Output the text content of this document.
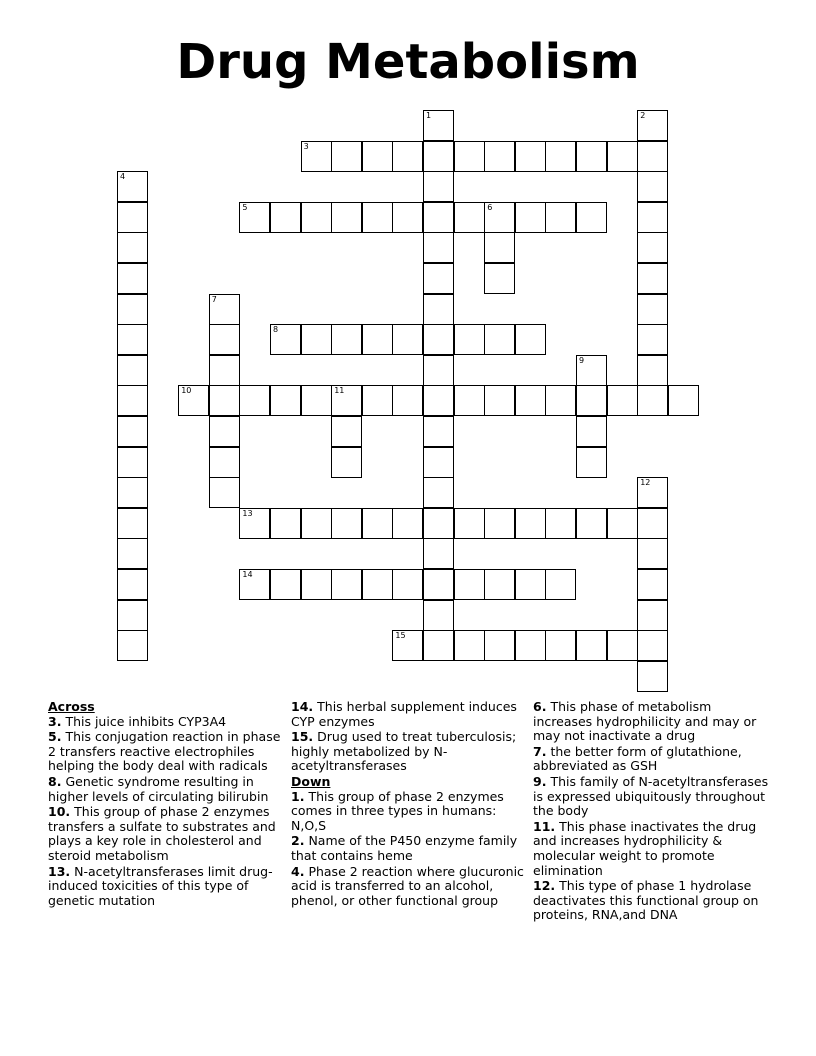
Drug Metabolism
3
5	6
8
10	11
13
14
15
1	2
4
7
9
12

Across

3. This juice inhibits CYP3A4
5. This conjugation reaction in phase 2 transfers reactive electrophiles helping the body deal with radicals
8. Genetic syndrome resulting in higher levels of circulating bilirubin
10. This group of phase 2 enzymes transfers a sulfate to substrates and plays a key role in cholesterol and steroid metabolism
13. N-acetyltransferases limit drug-induced toxicities of this type of genetic mutation
14. This herbal supplement induces CYP enzymes
15. Drug used to treat tuberculosis; highly metabolized by N-acetyltransferases

Down

1. This group of phase 2 enzymes comes in three types in humans: N,O,S
2. Name of the P450 enzyme family that contains heme
4. Phase 2 reaction where glucuronic acid is transferred to an alcohol, phenol, or other functional group
6. This phase of metabolism increases hydrophilicity and may or may not inactivate a drug
7. the better form of glutathione, abbreviated as GSH
9. This family of N-acetyltransferases is expressed ubiquitously throughout the body
11. This phase inactivates the drug and increases hydrophilicity & molecular weight to promote elimination
12. This type of phase 1 hydrolase deactivates this functional group on proteins, RNA,and DNA
